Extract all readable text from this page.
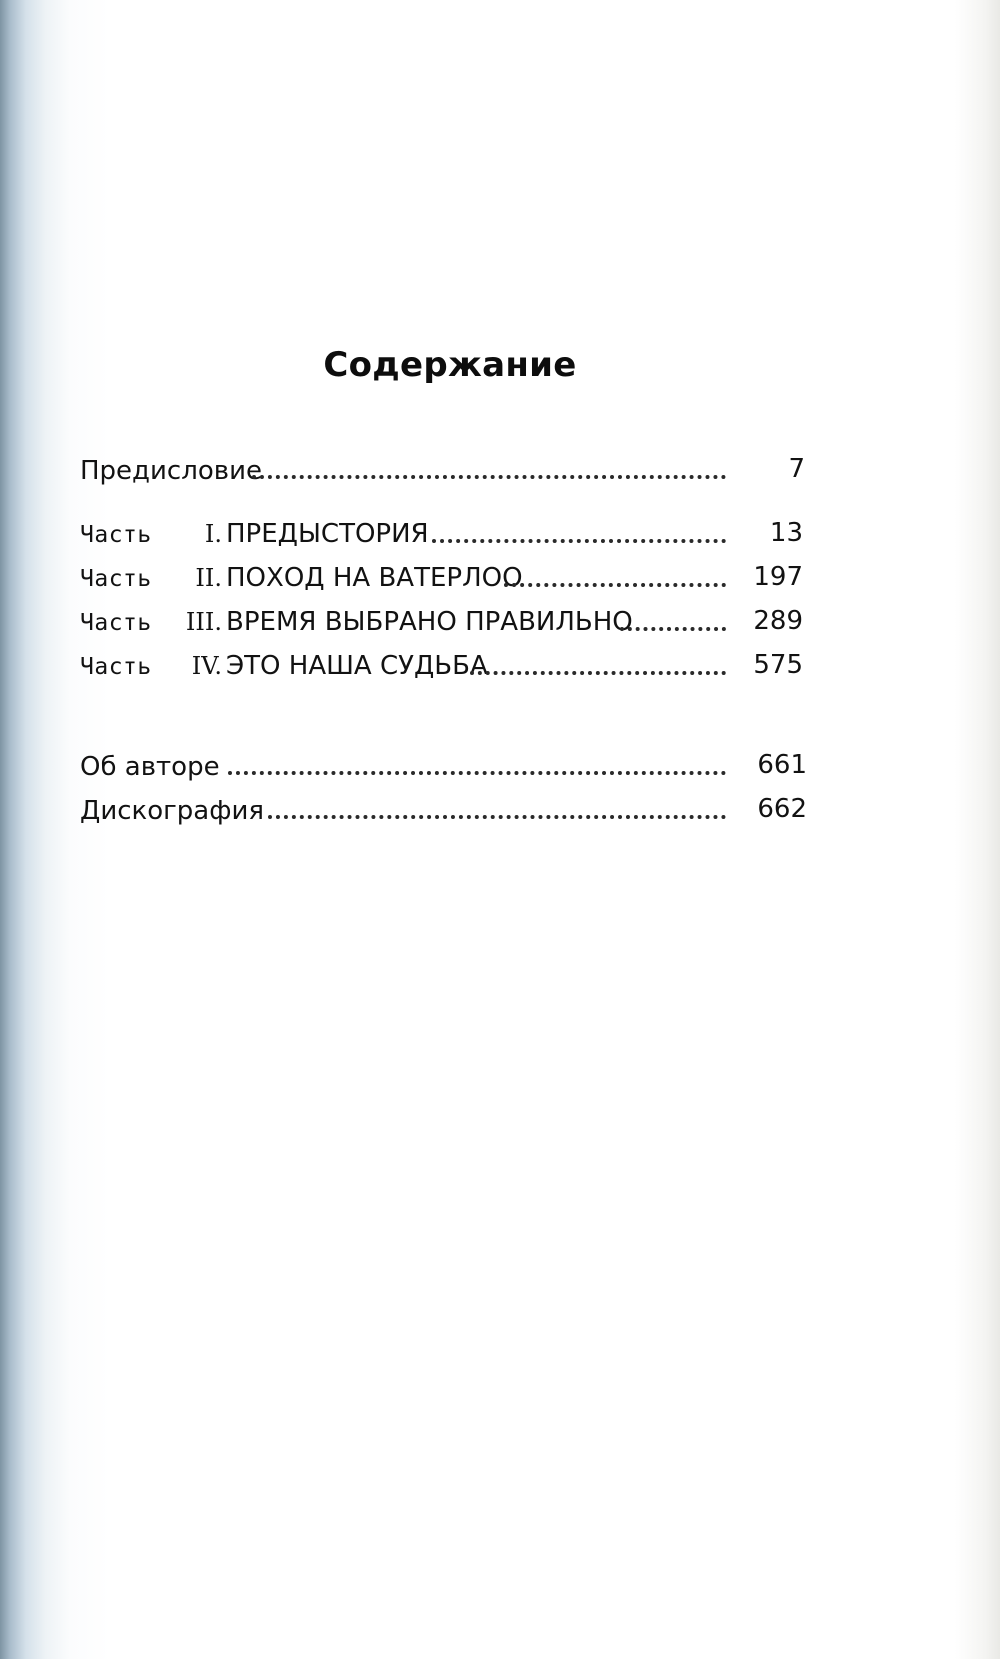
Содержание
Предисловие	7
Часть I. ПРЕДЫСТОРИЯ	13
Часть II. ПОХОД НА ВАТЕРЛОО	197
Часть III. ВРЕМЯ ВЫБРАНО ПРАВИЛЬНО	289
Часть IV. ЭТО НАША СУДЬБА	575
Об авторе	661
Дискография	662
